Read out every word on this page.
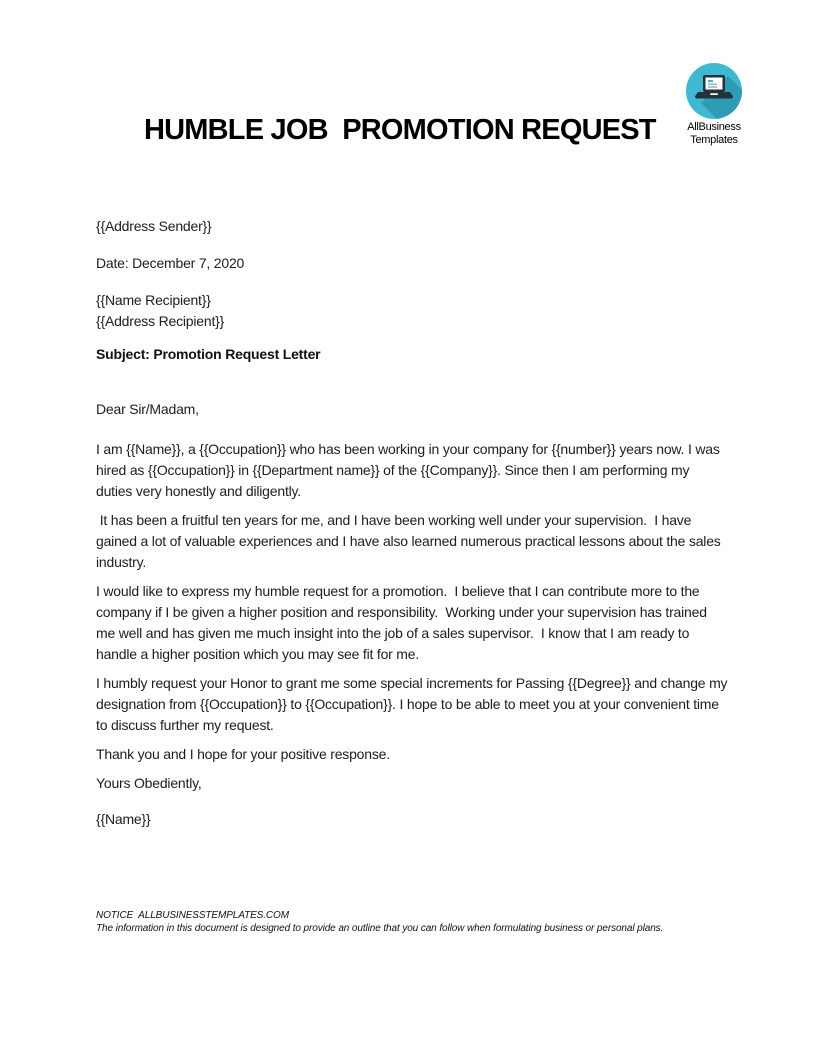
HUMBLE JOB  PROMOTION REQUEST	AllBusiness
Templates
{{Address Sender}}
Date: December 7, 2020
{{Name Recipient}}
{{Address Recipient}}
Subject: Promotion Request Letter
Dear Sir/Madam,

I am {{Name}}, a {{Occupation}} who has been working in your company for {{number}} years now. I was hired as {{Occupation}} in {{Department name}} of the {{Company}}. Since then I am performing my duties very honestly and diligently.

It has been a fruitful ten years for me, and I have been working well under your supervision.  I have gained a lot of valuable experiences and I have also learned numerous practical lessons about the sales industry.

I would like to express my humble request for a promotion.  I believe that I can contribute more to the company if I be given a higher position and responsibility.  Working under your supervision has trained me well and has given me much insight into the job of a sales supervisor.  I know that I am ready to handle a higher position which you may see fit for me.

I humbly request your Honor to grant me some special increments for Passing {{Degree}} and change my designation from {{Occupation}} to {{Occupation}}. I hope to be able to meet you at your convenient time to discuss further my request.

Thank you and I hope for your positive response.

Yours Obediently,
{{Name}}
NOTICE  ALLBUSINESSTEMPLATES.COM
The information in this document is designed to provide an outline that you can follow when formulating business or personal plans.
